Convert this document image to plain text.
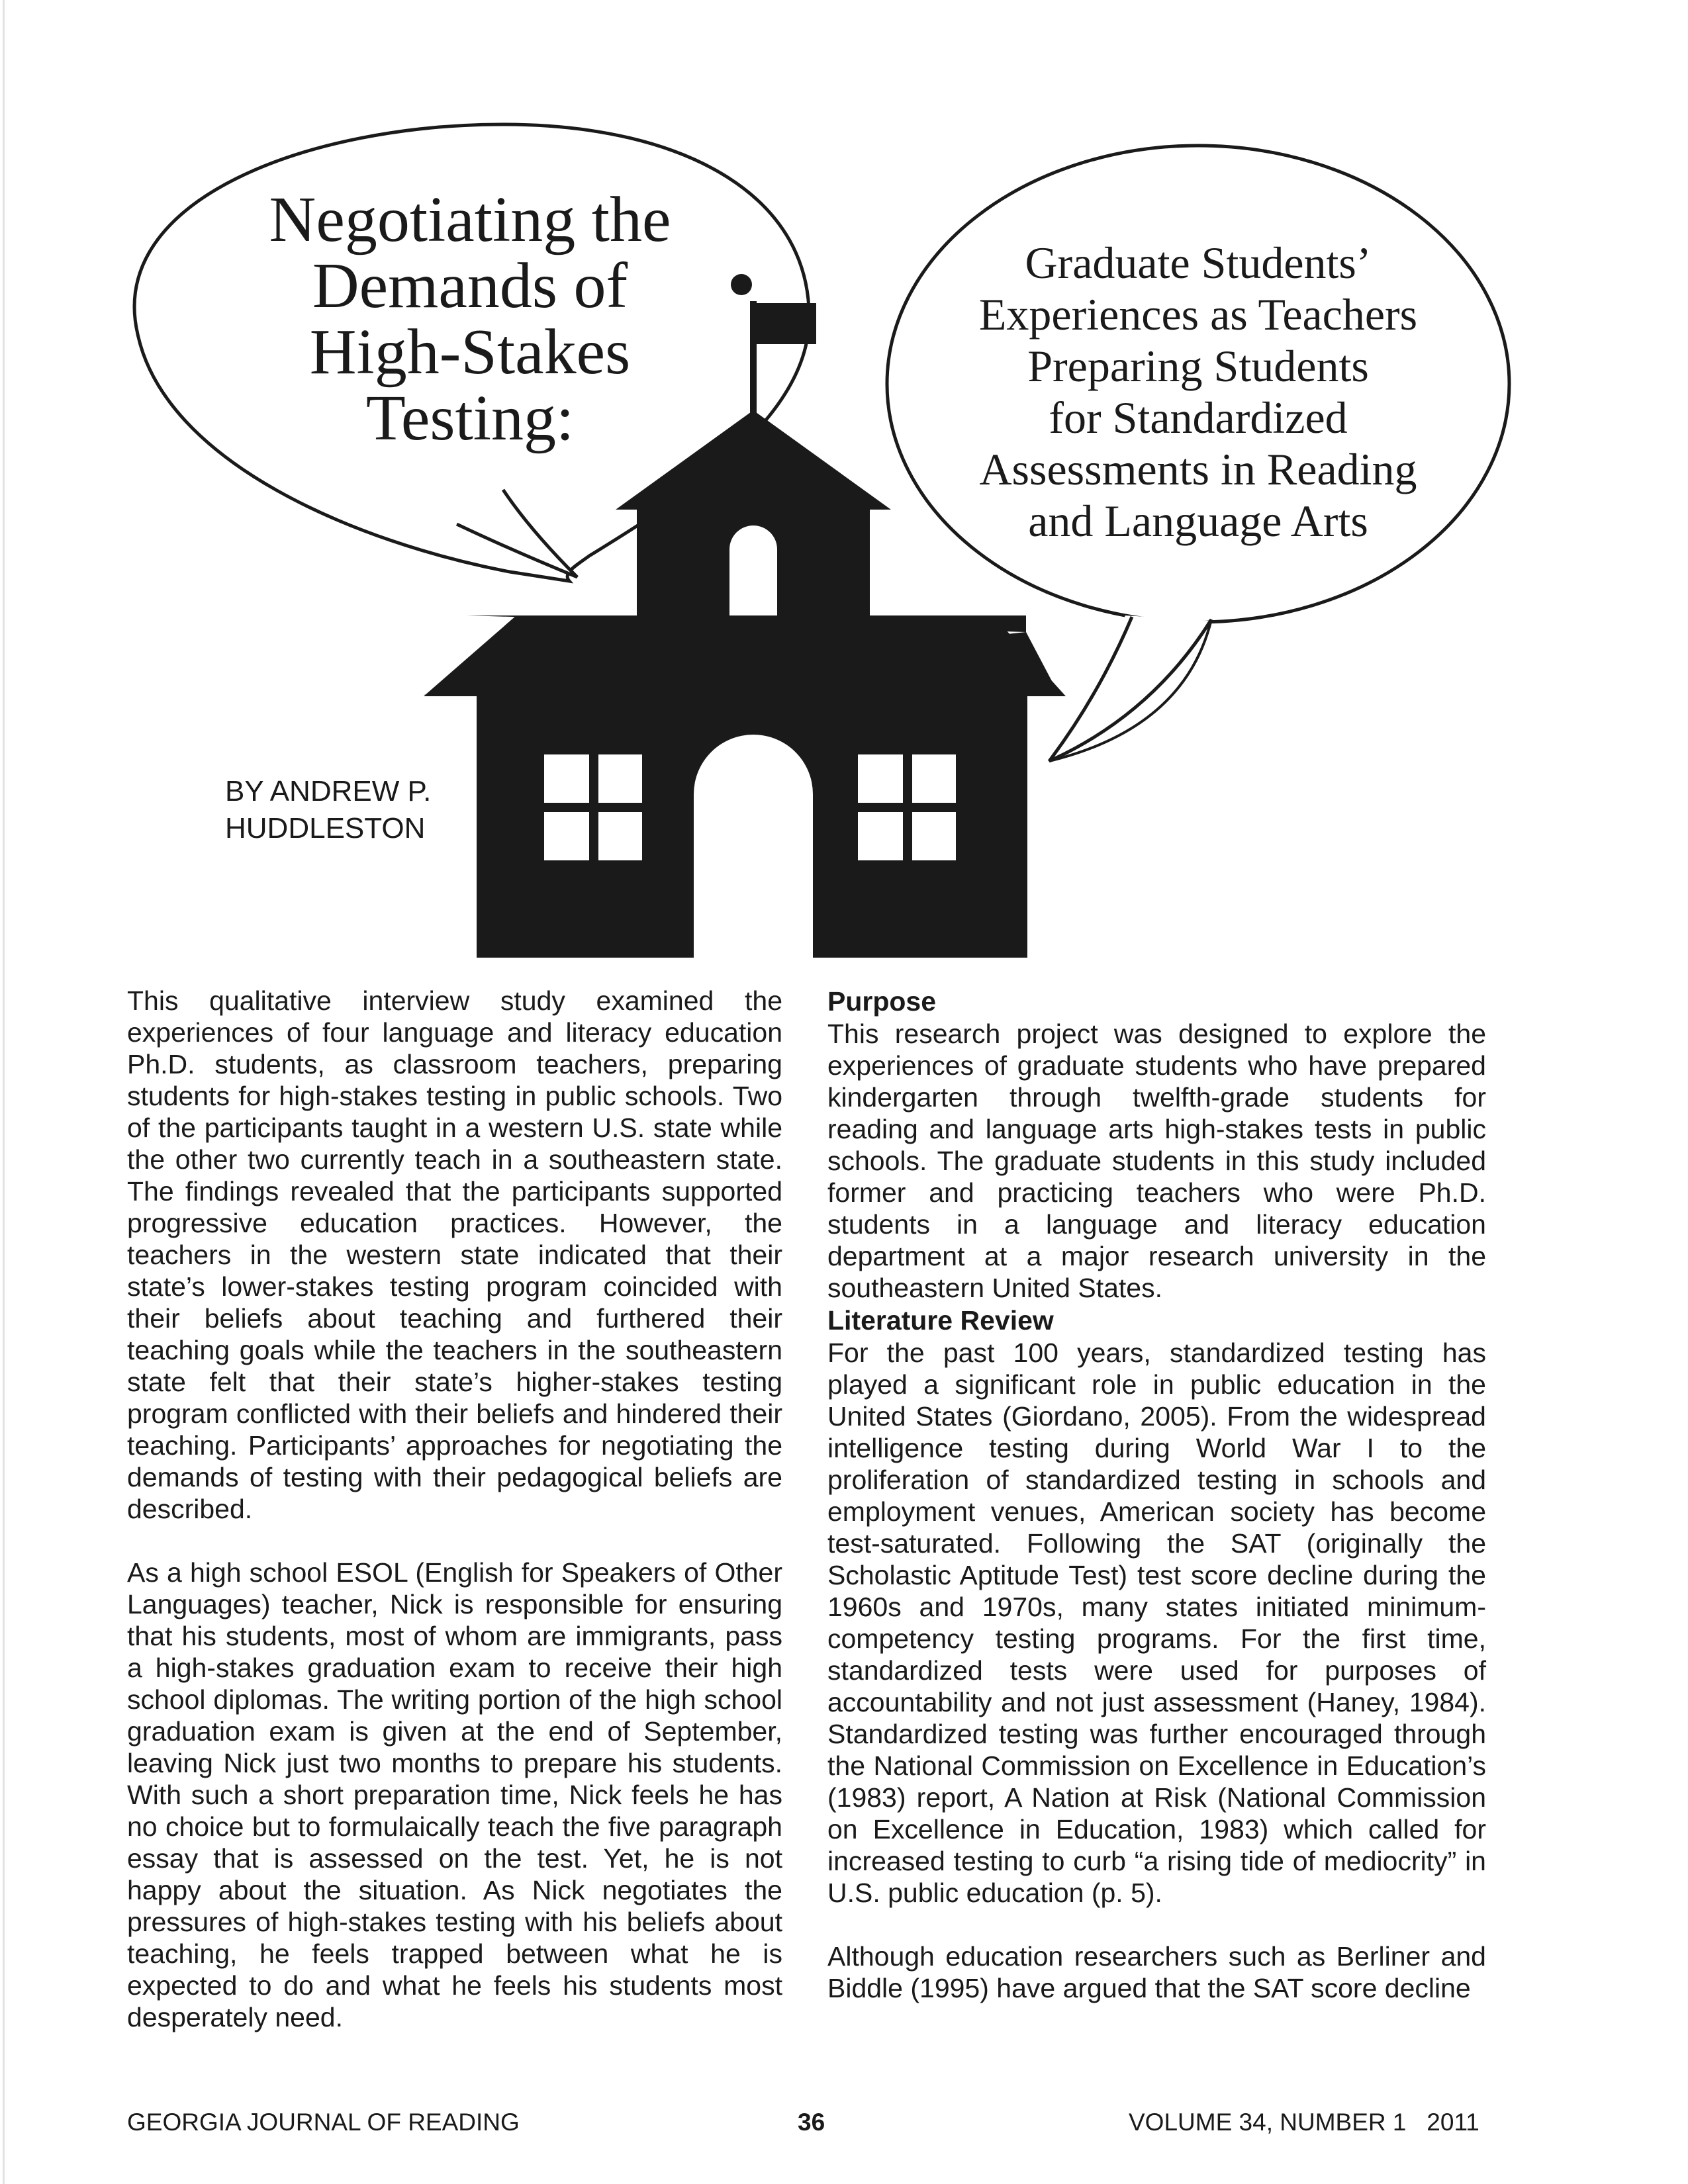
Negotiating the
Demands of
High-Stakes
Testing:
Graduate Students’
Experiences as Teachers
Preparing Students
for Standardized
Assessments in Reading
and Language Arts
BY ANDREW P.
HUDDLESTON

This qualitative interview study examined the experiences of four language and literacy education Ph.D. students, as classroom teachers, preparing students for high-stakes testing in public schools. Two of the participants taught in a western U.S. state while the other two currently teach in a southeastern state. The findings revealed that the participants supported progressive education practices. However, the teachers in the western state indicated that their state’s lower-stakes testing program coincided with their beliefs about teaching and furthered their teaching goals while the teachers in the southeastern state felt that their state’s higher-stakes testing program conflicted with their beliefs and hindered their teaching. Participants’ approaches for negotiating the demands of testing with their pedagogical beliefs are described.

As a high school ESOL (English for Speakers of Other Languages) teacher, Nick is responsible for ensuring that his students, most of whom are immigrants, pass a high-stakes graduation exam to receive their high school diplomas. The writing portion of the high school graduation exam is given at the end of September, leaving Nick just two months to prepare his students. With such a short preparation time, Nick feels he has no choice but to formulaically teach the five paragraph essay that is assessed on the test. Yet, he is not happy about the situation. As Nick negotiates the pressures of high-stakes testing with his beliefs about teaching, he feels trapped between what he is expected to do and what he feels his students most desperately need.

Purpose

This research project was designed to explore the experiences of graduate students who have prepared kindergarten through twelfth-grade students for reading and language arts high-stakes tests in public schools. The graduate students in this study included former and practicing teachers who were Ph.D. students in a language and literacy education department at a major research university in the southeastern United States.

Literature Review

For the past 100 years, standardized testing has played a significant role in public education in the United States (Giordano, 2005). From the widespread intelligence testing during World War I to the proliferation of standardized testing in schools and employment venues, American society has become test-saturated. Following the SAT (originally the Scholastic Aptitude Test) test score decline during the 1960s and 1970s, many states initiated minimum-competency testing programs. For the first time, standardized tests were used for purposes of accountability and not just assessment (Haney, 1984). Standardized testing was further encouraged through the National Commission on Excellence in Education’s (1983) report, A Nation at Risk (National Commission on Excellence in Education, 1983) which called for increased testing to curb “a rising tide of mediocrity” in U.S. public education (p. 5).

Although education researchers such as Berliner and Biddle (1995) have argued that the SAT score decline

GEORGIA JOURNAL OF READING	36	VOLUME 34, NUMBER 1   2011
